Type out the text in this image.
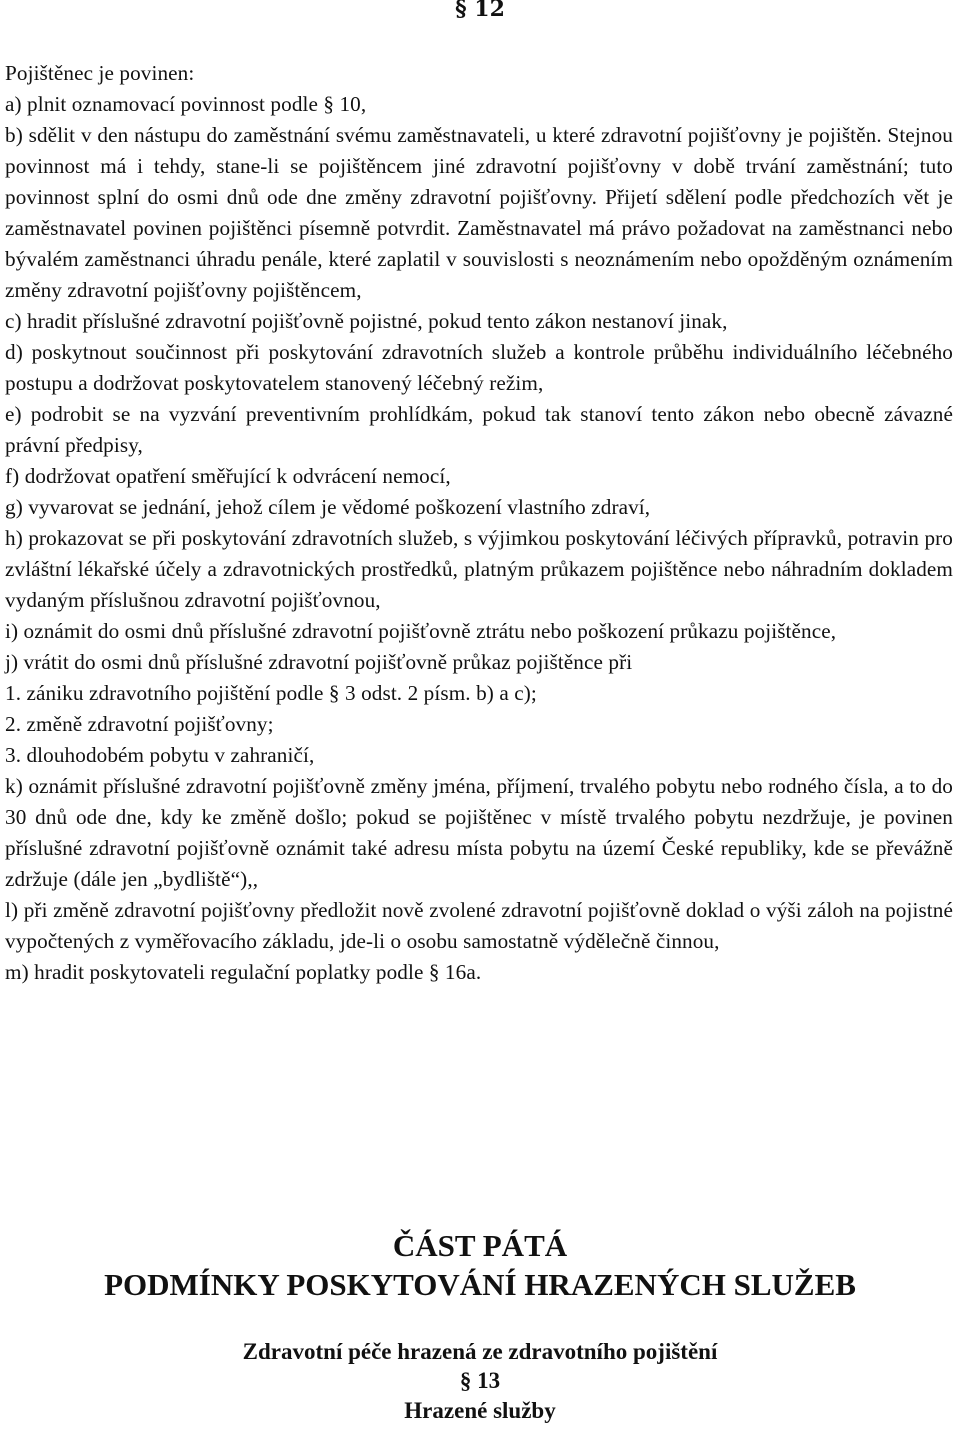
§ 12

Pojištěnec je povinen:

a) plnit oznamovací povinnost podle § 10,

b) sdělit v den nástupu do zaměstnání svému zaměstnavateli, u které zdravotní pojišťovny je pojištěn. Stejnou povinnost má i tehdy, stane-li se pojištěncem jiné zdravotní pojišťovny v době trvání zaměstnání; tuto povinnost splní do osmi dnů ode dne změny zdravotní pojišťovny. Přijetí sdělení podle předchozích vět je zaměstnavatel povinen pojištěnci písemně potvrdit. Zaměstnavatel má právo požadovat na zaměstnanci nebo bývalém zaměstnanci úhradu penále, které zaplatil v souvislosti s neoznámením nebo opožděným oznámením změny zdravotní pojišťovny pojištěncem,

c) hradit příslušné zdravotní pojišťovně pojistné, pokud tento zákon nestanoví jinak,

d) poskytnout součinnost při poskytování zdravotních služeb a kontrole průběhu individuálního léčebného postupu a dodržovat poskytovatelem stanovený léčebný režim,

e) podrobit se na vyzvání preventivním prohlídkám, pokud tak stanoví tento zákon nebo obecně závazné právní předpisy,

f) dodržovat opatření směřující k odvrácení nemocí,

g) vyvarovat se jednání, jehož cílem je vědomé poškození vlastního zdraví,

h) prokazovat se při poskytování zdravotních služeb, s výjimkou poskytování léčivých přípravků, potravin pro zvláštní lékařské účely a zdravotnických prostředků, platným průkazem pojištěnce nebo náhradním dokladem vydaným příslušnou zdravotní pojišťovnou,

i) oznámit do osmi dnů příslušné zdravotní pojišťovně ztrátu nebo poškození průkazu pojištěnce,

j) vrátit do osmi dnů příslušné zdravotní pojišťovně průkaz pojištěnce při

1. zániku zdravotního pojištění podle § 3 odst. 2 písm. b) a c);

2. změně zdravotní pojišťovny;

3. dlouhodobém pobytu v zahraničí,

k) oznámit příslušné zdravotní pojišťovně změny jména, příjmení, trvalého pobytu nebo rodného čísla, a to do 30 dnů ode dne, kdy ke změně došlo; pokud se pojištěnec v místě trvalého pobytu nezdržuje, je povinen příslušné zdravotní pojišťovně oznámit také adresu místa pobytu na území České republiky, kde se převážně zdržuje (dále jen „bydliště“),,

l) při změně zdravotní pojišťovny předložit nově zvolené zdravotní pojišťovně doklad o výši záloh na pojistné vypočtených z vyměřovacího základu, jde-li o osobu samostatně výdělečně činnou,

m) hradit poskytovateli regulační poplatky podle § 16a.

ČÁST PÁTÁ
PODMÍNKY POSKYTOVÁNÍ HRAZENÝCH SLUŽEB
Zdravotní péče hrazená ze zdravotního pojištění
§ 13
Hrazené služby
